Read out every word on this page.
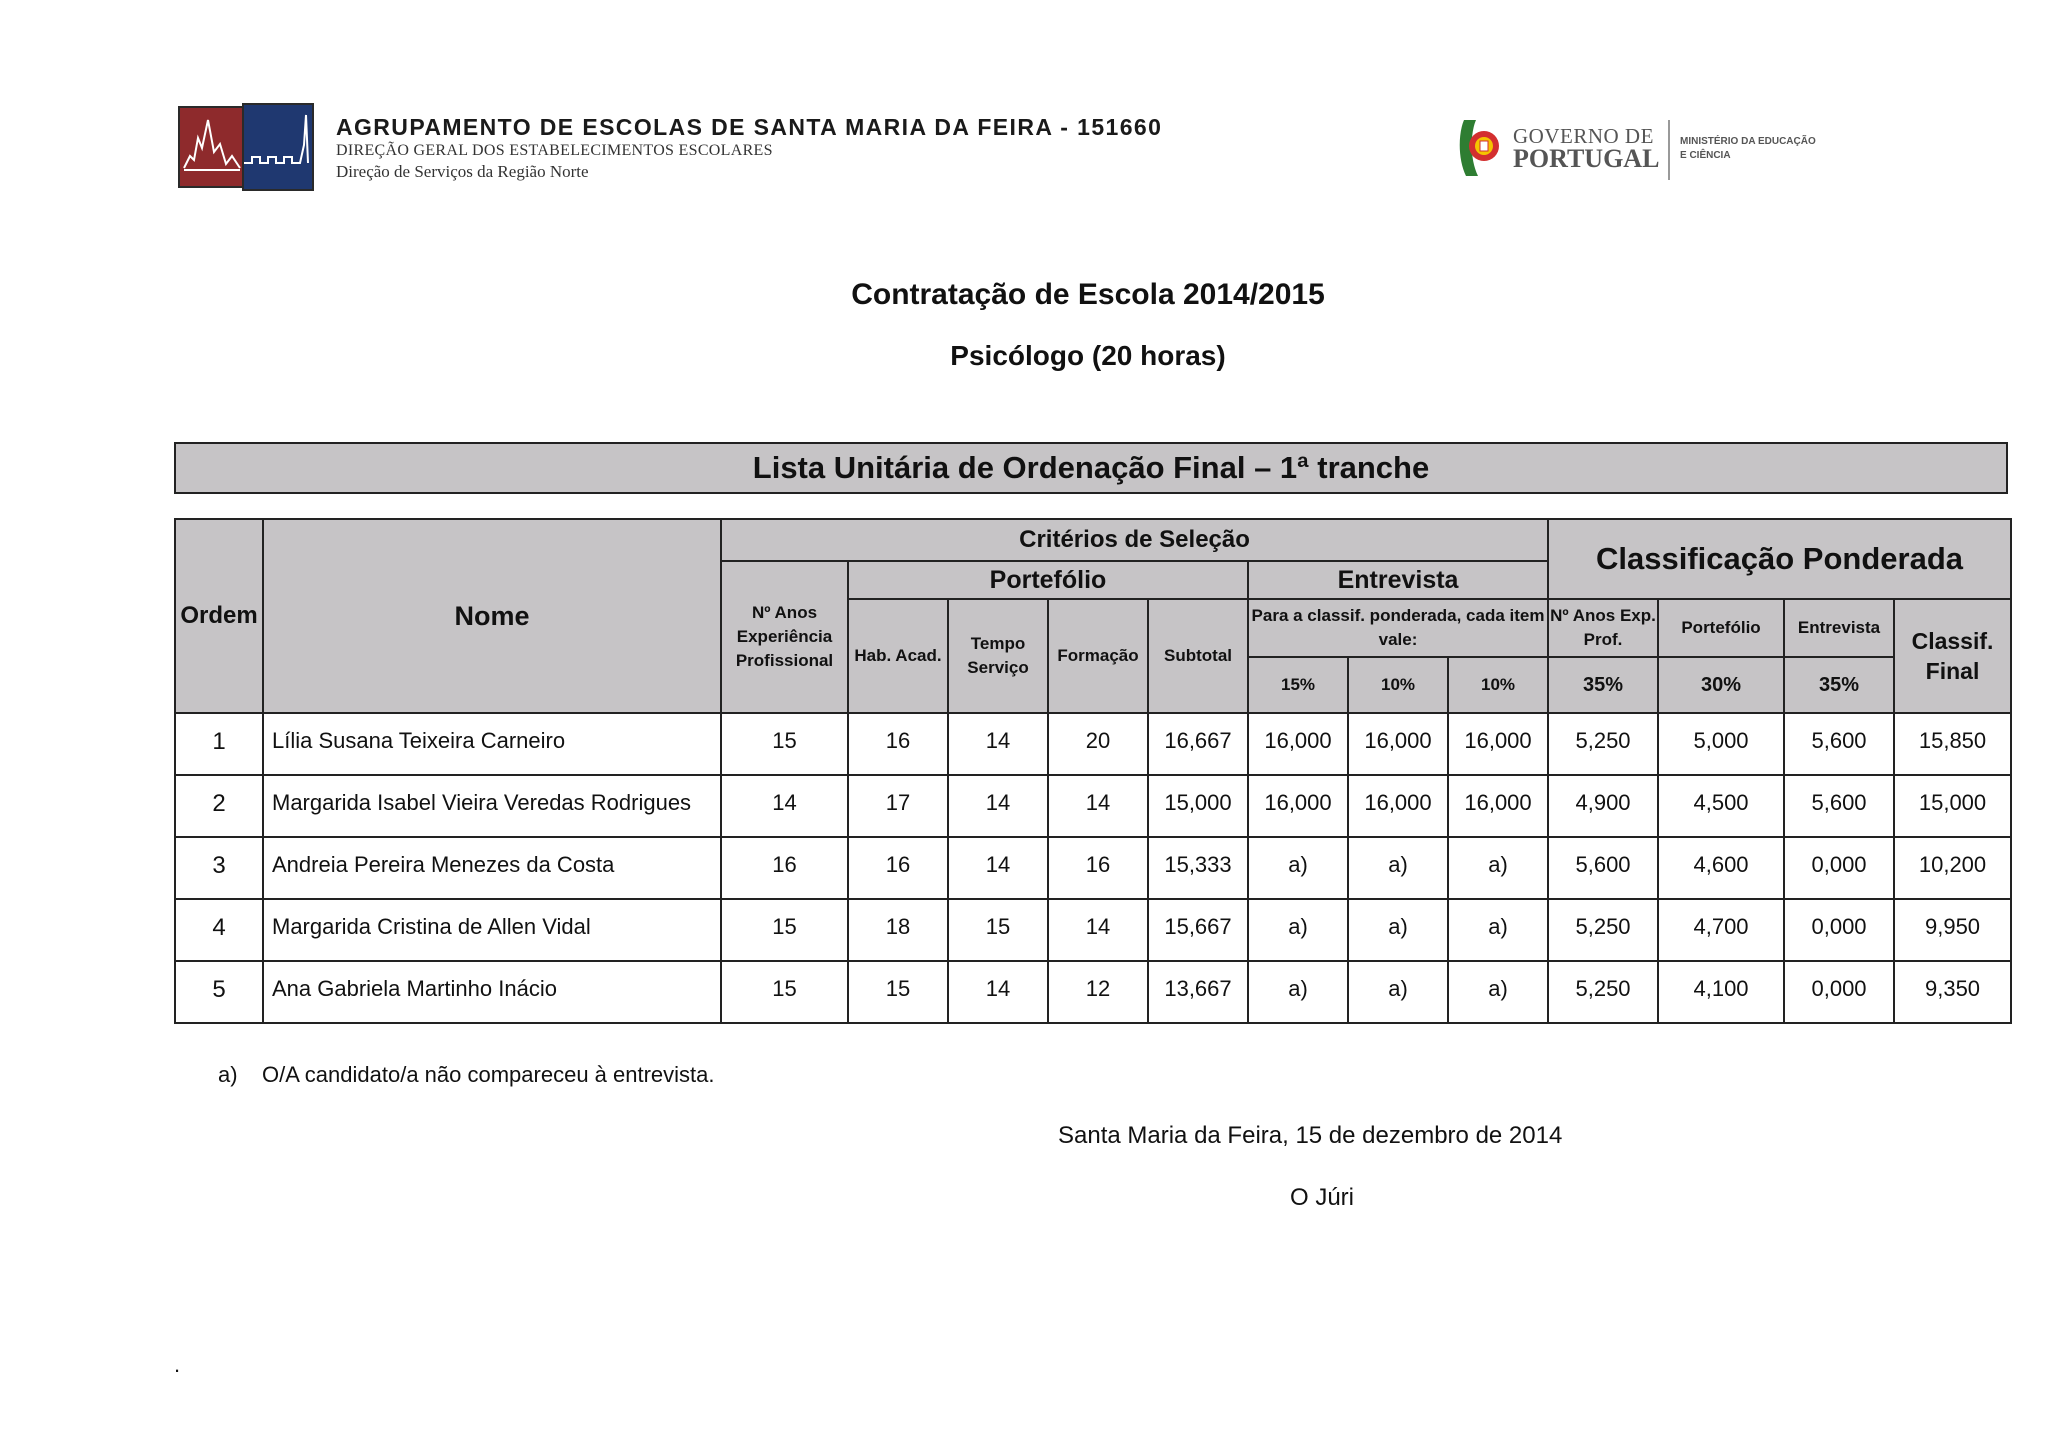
AGRUPAMENTO DE ESCOLAS DE SANTA MARIA DA FEIRA - 151660
DIREÇÃO GERAL DOS ESTABELECIMENTOS ESCOLARES
Direção de Serviços da Região Norte
GOVERNO DE
PORTUGAL
MINISTÉRIO DA EDUCAÇÃO
E CIÊNCIA
Contratação de Escola 2014/2015
Psicólogo (20 horas)
Lista Unitária de Ordenação Final – 1ª tranche
Ordem	Nome	Critérios de Seleção								Classificação Ponderada			
		Nº Anos Experiência Profissional	Portefólio				Entrevista						
			Hab. Acad.	Tempo Serviço	Formação	Subtotal	Para a classif. ponderada, cada item vale:			Nº Anos Exp. Prof.	Portefólio	Entrevista	Classif. Final
							15%	10%	10%	35%	30%	35%	
1	Lília Susana Teixeira Carneiro	15	16	14	20	16,667	16,000	16,000	16,000	5,250	5,000	5,600	15,850
2	Margarida Isabel Vieira Veredas Rodrigues	14	17	14	14	15,000	16,000	16,000	16,000	4,900	4,500	5,600	15,000
3	Andreia Pereira Menezes da Costa	16	16	14	16	15,333	a)	a)	a)	5,600	4,600	0,000	10,200
4	Margarida Cristina de Allen Vidal	15	18	15	14	15,667	a)	a)	a)	5,250	4,700	0,000	9,950
5	Ana Gabriela Martinho Inácio	15	15	14	12	13,667	a)	a)	a)	5,250	4,100	0,000	9,350
a) O/A candidato/a não compareceu à entrevista.
Santa Maria da Feira, 15 de dezembro de 2014
O Júri
.
